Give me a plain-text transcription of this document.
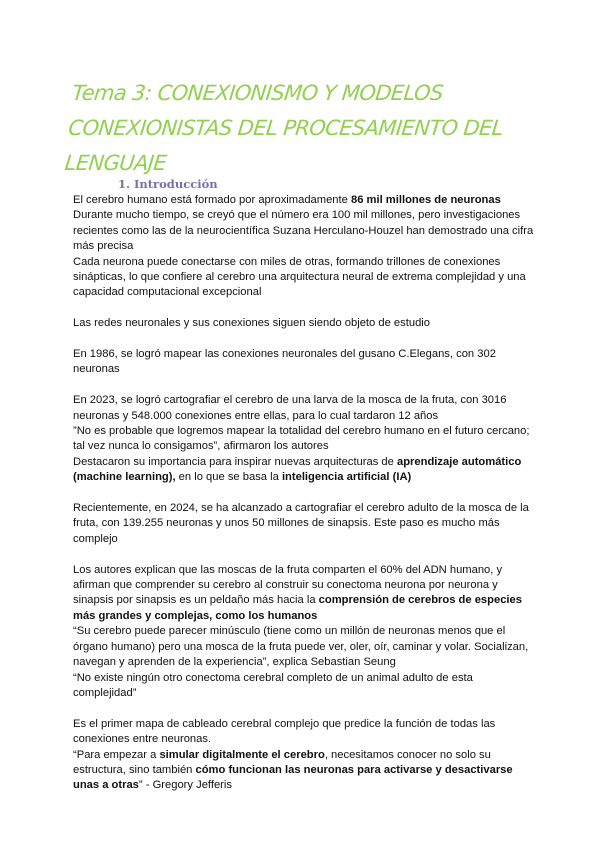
Tema 3: CONEXIONISMO Y MODELOS
CONEXIONISTAS DEL PROCESAMIENTO DEL
LENGUAJE
1. Introducción

El cerebro humano está formado por aproximadamente 86 mil millones de neuronas

Durante mucho tiempo, se creyó que el número era 100 mil millones, pero investigaciones recientes como las de la neurocientífica Suzana Herculano-Houzel han demostrado una cifra más precisa

Cada neurona puede conectarse con miles de otras, formando trillones de conexiones sinápticas, lo que confiere al cerebro una arquitectura neural de extrema complejidad y una capacidad computacional excepcional

Las redes neuronales y sus conexiones siguen siendo objeto de estudio

En 1986, se logró mapear las conexiones neuronales del gusano C.Elegans, con 302 neuronas

En 2023, se logró cartografiar el cerebro de una larva de la mosca de la fruta, con 3016 neuronas y 548.000 conexiones entre ellas, para lo cual tardaron 12 años

”No es probable que logremos mapear la totalidad del cerebro humano en el futuro cercano; tal vez nunca lo consigamos”, afirmaron los autores

Destacaron su importancia para inspirar nuevas arquitecturas de aprendizaje automático (machine learning), en lo que se basa la inteligencia artificial (IA)

Recientemente, en 2024, se ha alcanzado a cartografiar el cerebro adulto de la mosca de la fruta, con 139.255 neuronas y unos 50 millones de sinapsis. Este paso es mucho más complejo

Los autores explican que las moscas de la fruta comparten el 60% del ADN humano, y afirman que comprender su cerebro al construir su conectoma neurona por neurona y sinapsis por sinapsis es un peldaño más hacia la comprensión de cerebros de especies más grandes y complejas, como los humanos

“Su cerebro puede parecer minúsculo (tiene como un millón de neuronas menos que el órgano humano) pero una mosca de la fruta puede ver, oler, oír, caminar y volar. Socializan, navegan y aprenden de la experiencia”, explica Sebastian Seung

“No existe ningún otro conectoma cerebral completo de un animal adulto de esta complejidad”

Es el primer mapa de cableado cerebral complejo que predice la función de todas las conexiones entre neuronas.

“Para empezar a simular digitalmente el cerebro, necesitamos conocer no solo su estructura, sino también cómo funcionan las neuronas para activarse y desactivarse unas a otras” - Gregory Jefferis
